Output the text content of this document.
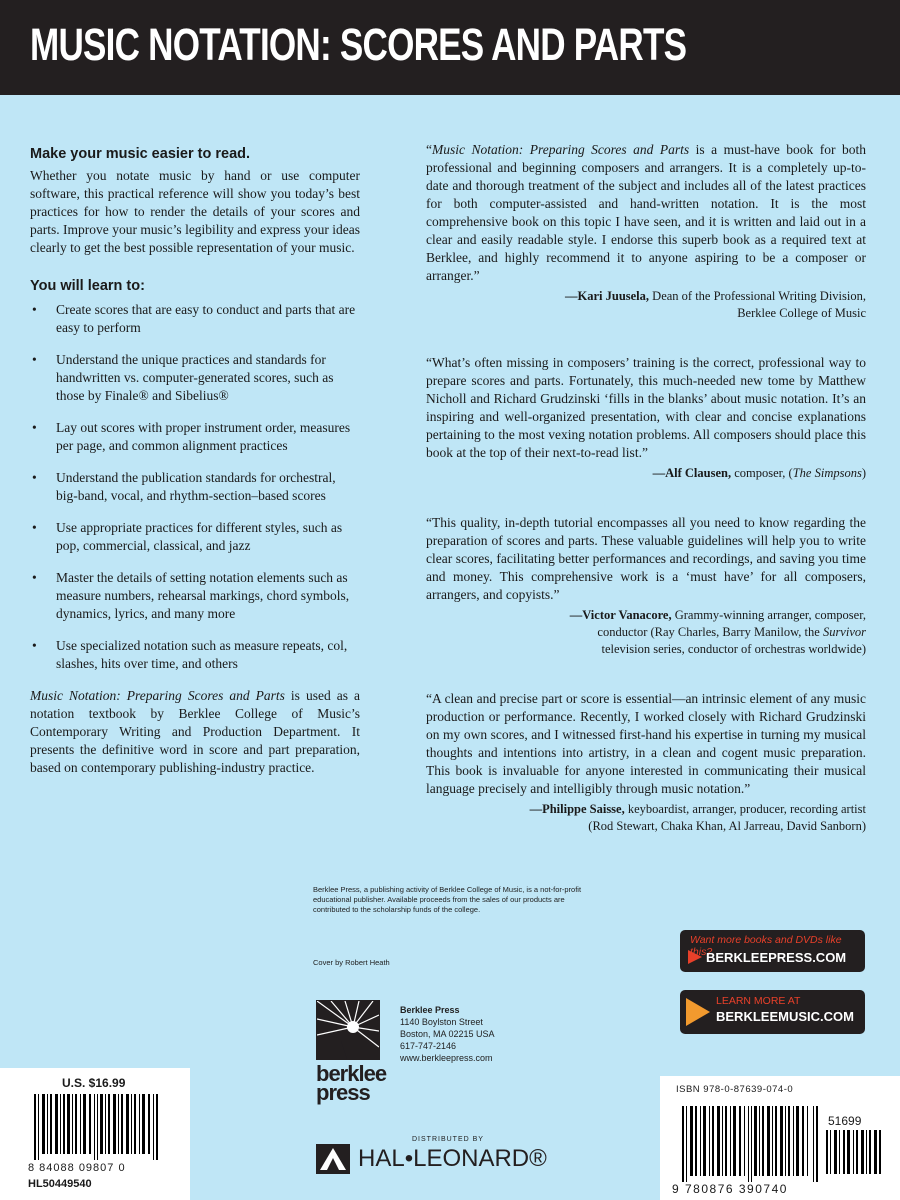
MUSIC NOTATION: SCORES AND PARTS
Make your music easier to read.

Whether you notate music by hand or use computer software, this practical reference will show you today’s best practices for how to render the details of your scores and parts. Improve your music’s legibility and express your ideas clearly to get the best possible representation of your music.

You will learn to:
• Create scores that are easy to conduct and parts that are easy to perform
• Understand the unique practices and standards for handwritten vs. computer-generated scores, such as those by Finale® and Sibelius®
• Lay out scores with proper instrument order, measures per page, and common alignment practices
• Understand the publication standards for orchestral, big-band, vocal, and rhythm-section–based scores
• Use appropriate practices for different styles, such as pop, commercial, classical, and jazz
• Master the details of setting notation elements such as measure numbers, rehearsal markings, chord symbols, dynamics, lyrics, and many more
• Use specialized notation such as measure repeats, col, slashes, hits over time, and others

Music Notation: Preparing Scores and Parts is used as a notation textbook by Berklee College of Music’s Contemporary Writing and Production Department. It presents the definitive word in score and part preparation, based on contemporary publishing-industry practice.

“Music Notation: Preparing Scores and Parts is a must-have book for both professional and beginning composers and arrangers. It is a completely up-to-date and thorough treatment of the subject and includes all of the latest practices for both computer-assisted and hand-written notation. It is the most comprehensive book on this topic I have seen, and it is written and laid out in a clear and easily readable style. I endorse this superb book as a required text at Berklee, and highly recommend it to anyone aspiring to be a composer or arranger.”

—Kari Juusela, Dean of the Professional Writing Division,
Berklee College of Music

“What’s often missing in composers’ training is the correct, professional way to prepare scores and parts. Fortunately, this much-needed new tome by Matthew Nicholl and Richard Grudzinski ‘fills in the blanks’ about music notation. It’s an inspiring and well-organized presentation, with clear and concise explanations pertaining to the most vexing notation problems. All composers should place this book at the top of their next-to-read list.”

—Alf Clausen, composer, (The Simpsons)

“This quality, in-depth tutorial encompasses all you need to know regarding the preparation of scores and parts. These valuable guidelines will help you to write clear scores, facilitating better performances and recordings, and saving you time and money. This comprehensive work is a ‘must have’ for all composers, arrangers, and copyists.”

—Victor Vanacore, Grammy-winning arranger, composer,
conductor (Ray Charles, Barry Manilow, the Survivor
television series, conductor of orchestras worldwide)

“A clean and precise part or score is essential—an intrinsic element of any music production or performance. Recently, I worked closely with Richard Grudzinski on my own scores, and I witnessed first-hand his expertise in turning my musical thoughts and intentions into artistry, in a clean and cogent music preparation. This book is invaluable for anyone interested in communicating their musical language precisely and intelligibly through music notation.”

—Philippe Saisse, keyboardist, arranger, producer, recording artist
(Rod Stewart, Chaka Khan, Al Jarreau, David Sanborn)
Berklee Press, a publishing activity of Berklee College of Music, is a not-for-profit educational publisher. Available proceeds from the sales of our products are contributed to the scholarship funds of the college.
Cover by Robert Heath
Want more books and DVDs like this?
BERKLEEPRESS.COM
LEARN MORE AT
BERKLEEMUSIC.COM
berklee
press
Berklee Press
1140 Boylston Street
Boston, MA 02215 USA
617-747-2146
www.berkleepress.com
DISTRIBUTED BY
HAL•LEONARD®
U.S. $16.99
8 84088 09807 0
HL50449540
ISBN 978-0-87639-074-0
51699
9 780876 390740
